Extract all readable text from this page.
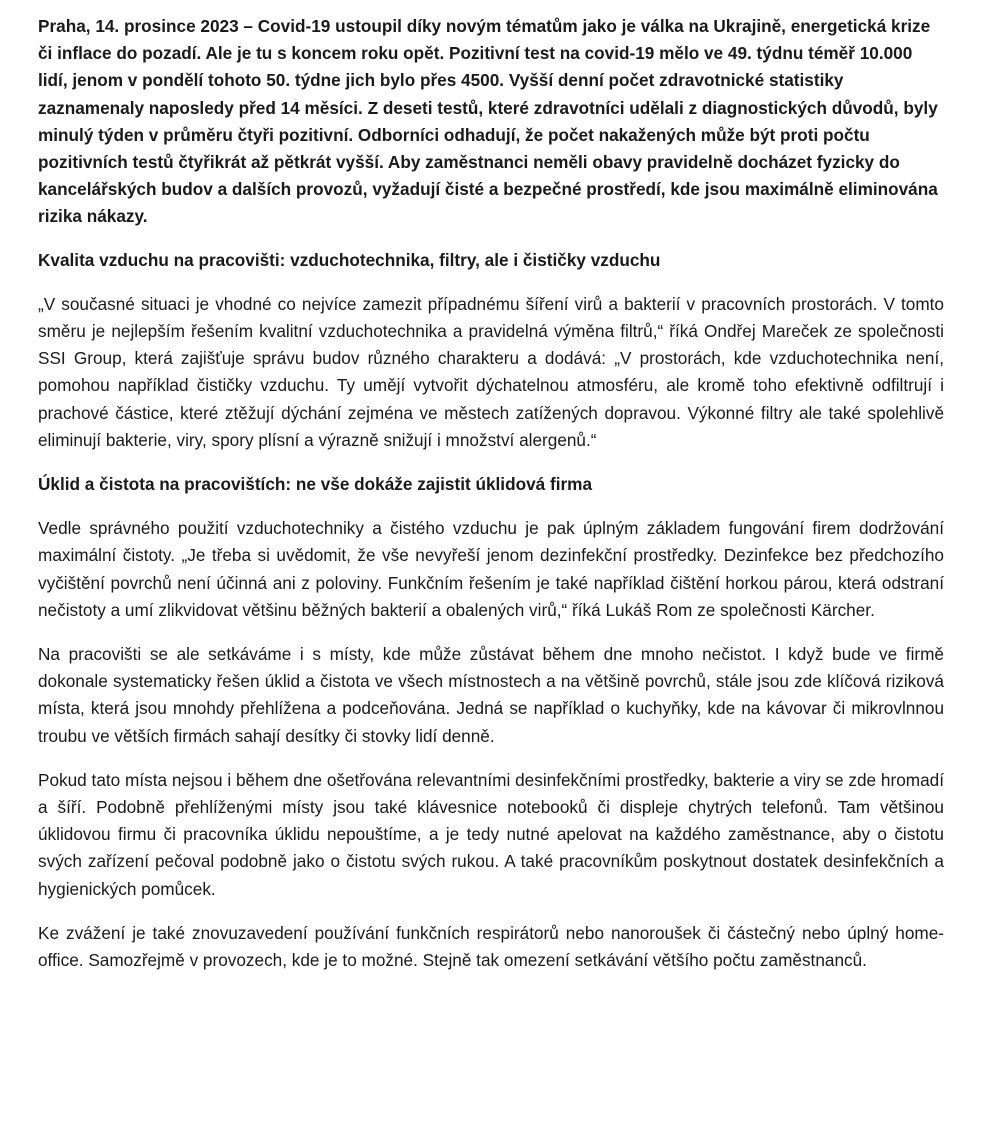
Praha, 14. prosince 2023 – Covid-19 ustoupil díky novým tématům jako je válka na Ukrajině, energetická krize či inflace do pozadí. Ale je tu s koncem roku opět. Pozitivní test na covid-19 mělo ve 49. týdnu téměř 10.000 lidí, jenom v pondělí tohoto 50. týdne jich bylo přes 4500. Vyšší denní počet zdravotnické statistiky zaznamenaly naposledy před 14 měsíci. Z deseti testů, které zdravotníci udělali z diagnostických důvodů, byly minulý týden v průměru čtyři pozitivní. Odborníci odhadují, že počet nakažených může být proti počtu pozitivních testů čtyřikrát až pětkrát vyšší. Aby zaměstnanci neměli obavy pravidelně docházet fyzicky do kancelářských budov a dalších provozů, vyžadují čisté a bezpečné prostředí, kde jsou maximálně eliminována rizika nákazy.

Kvalita vzduchu na pracovišti: vzduchotechnika, filtry, ale i čističky vzduchu

„V současné situaci je vhodné co nejvíce zamezit případnému šíření virů a bakterií v pracovních prostorách. V tomto směru je nejlepším řešením kvalitní vzduchotechnika a pravidelná výměna filtrů,“ říká Ondřej Mareček ze společnosti SSI Group, která zajišťuje správu budov různého charakteru a dodává: „V prostorách, kde vzduchotechnika není, pomohou například čističky vzduchu. Ty umějí vytvořit dýchatelnou atmosféru, ale kromě toho efektivně odfiltrují i prachové částice, které ztěžují dýchání zejména ve městech zatížených dopravou. Výkonné filtry ale také spolehlivě eliminují bakterie, viry, spory plísní a výrazně snižují i množství alergenů.“

Úklid a čistota na pracovištích: ne vše dokáže zajistit úklidová firma

Vedle správného použití vzduchotechniky a čistého vzduchu je pak úplným základem fungování firem dodržování maximální čistoty. „Je třeba si uvědomit, že vše nevyřeší jenom dezinfekční prostředky. Dezinfekce bez předchozího vyčištění povrchů není účinná ani z poloviny. Funkčním řešením je také například čištění horkou párou, která odstraní nečistoty a umí zlikvidovat většinu běžných bakterií a obalených virů,“ říká Lukáš Rom ze společnosti Kärcher.

Na pracovišti se ale setkáváme i s místy, kde může zůstávat během dne mnoho nečistot. I když bude ve firmě dokonale systematicky řešen úklid a čistota ve všech místnostech a na většině povrchů, stále jsou zde klíčová riziková místa, která jsou mnohdy přehlížena a podceňována. Jedná se například o kuchyňky, kde na kávovar či mikrovlnnou troubu ve větších firmách sahají desítky či stovky lidí denně.

Pokud tato místa nejsou i během dne ošetřována relevantními desinfekčními prostředky, bakterie a viry se zde hromadí a šíří. Podobně přehlíženými místy jsou také klávesnice notebooků či displeje chytrých telefonů. Tam většinou úklidovou firmu či pracovníka úklidu nepouštíme, a je tedy nutné apelovat na každého zaměstnance, aby o čistotu svých zařízení pečoval podobně jako o čistotu svých rukou. A také pracovníkům poskytnout dostatek desinfekčních a hygienických pomůcek.

Ke zvážení je také znovuzavedení používání funkčních respirátorů nebo nanoroušek či částečný nebo úplný home-office. Samozřejmě v provozech, kde je to možné. Stejně tak omezení setkávání většího počtu zaměstnanců.
